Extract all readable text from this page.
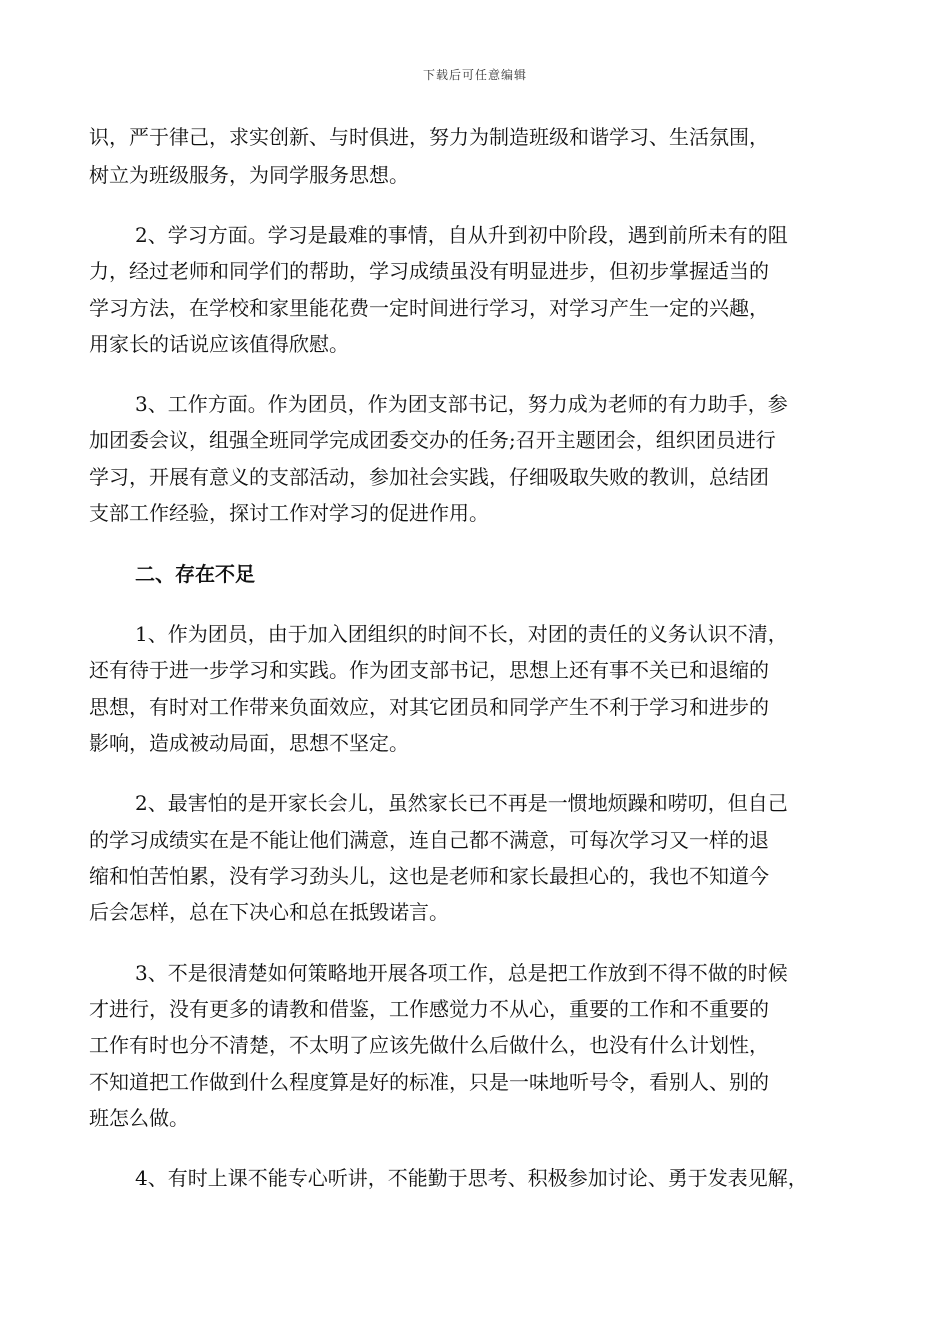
下载后可任意编辑

识，严于律己，求实创新、与时俱进，努力为制造班级和谐学习、生活氛围，

树立为班级服务，为同学服务思想。

2、学习方面。学习是最难的事情，自从升到初中阶段，遇到前所未有的阻

力，经过老师和同学们的帮助，学习成绩虽没有明显进步，但初步掌握适当的

学习方法，在学校和家里能花费一定时间进行学习，对学习产生一定的兴趣，

用家长的话说应该值得欣慰。

3、工作方面。作为团员，作为团支部书记，努力成为老师的有力助手，参

加团委会议，组强全班同学完成团委交办的任务;召开主题团会，组织团员进行

学习，开展有意义的支部活动，参加社会实践，仔细吸取失败的教训，总结团

支部工作经验，探讨工作对学习的促进作用。

二、存在不足

1、作为团员，由于加入团组织的时间不长，对团的责任的义务认识不清，

还有待于进一步学习和实践。作为团支部书记，思想上还有事不关已和退缩的

思想，有时对工作带来负面效应，对其它团员和同学产生不利于学习和进步的

影响，造成被动局面，思想不坚定。

2、最害怕的是开家长会儿，虽然家长已不再是一惯地烦躁和唠叨，但自己

的学习成绩实在是不能让他们满意，连自己都不满意，可每次学习又一样的退

缩和怕苦怕累，没有学习劲头儿，这也是老师和家长最担心的，我也不知道今

后会怎样，总在下决心和总在抵毁诺言。

3、不是很清楚如何策略地开展各项工作，总是把工作放到不得不做的时候

才进行，没有更多的请教和借鉴，工作感觉力不从心，重要的工作和不重要的

工作有时也分不清楚，不太明了应该先做什么后做什么，也没有什么计划性，

不知道把工作做到什么程度算是好的标准，只是一味地听号令，看别人、别的

班怎么做。

4、有时上课不能专心听讲，不能勤于思考、积极参加讨论、勇于发表见解，
